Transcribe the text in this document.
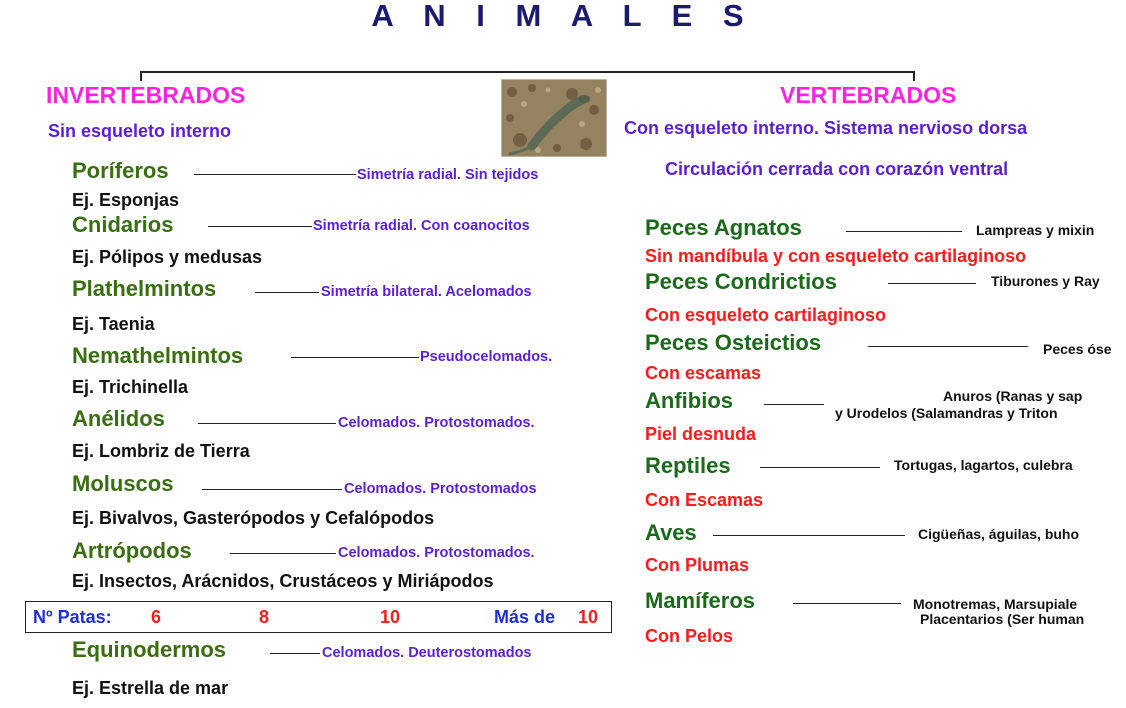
A N I M A L E S
INVERTEBRADOS
Sin esqueleto interno
Poríferos	Simetría radial. Sin tejidos
Ej. Esponjas
Cnidarios	Simetría radial. Con coanocitos
Ej. Pólipos y medusas
Plathelmintos	Simetría bilateral. Acelomados
Ej. Taenia
Nemathelmintos	Pseudocelomados.
Ej. Trichinella
Anélidos	Celomados. Protostomados.
Ej. Lombriz de Tierra
Moluscos	Celomados. Protostomados
Ej. Bivalvos, Gasterópodos y Cefalópodos
Artrópodos	Celomados. Protostomados.
Ej. Insectos, Arácnidos, Crustáceos y Miriápodos
Nº Patas: 6	8	10	Más de 10
Equinodermos	Celomados. Deuterostomados
Ej. Estrella de mar
VERTEBRADOS
Con esqueleto interno. Sistema nervioso dorsa
Circulación cerrada con corazón ventral
Peces Agnatos	Lampreas y mixin
Sin mandíbula y con esqueleto cartilaginoso
Peces Condrictios	Tiburones y Ray
Con esqueleto cartilaginoso
Peces Osteictios	Peces óse
Con escamas
Anfibios	Anuros (Ranas y sap
y Urodelos (Salamandras y Triton
Piel desnuda
Reptiles	Tortugas, lagartos, culebra
Con Escamas
Aves	Cigüeñas, águilas, buho
Con Plumas
Mamíferos	Monotremas, Marsupiale
Placentarios (Ser human
Con Pelos
